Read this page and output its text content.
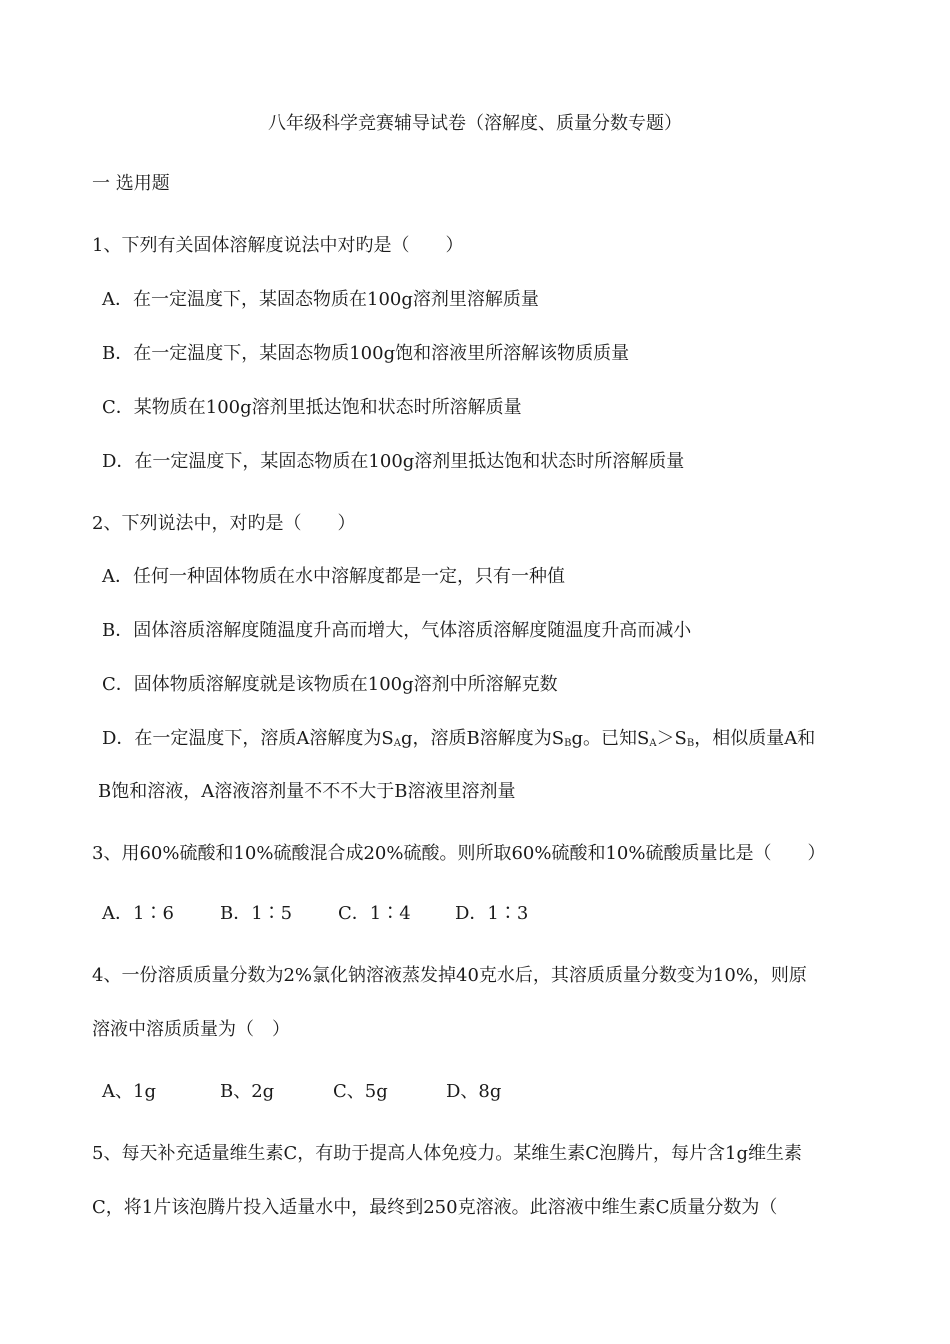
八年级科学竞赛辅导试卷（溶解度、质量分数专题）
一 选用题
1、下列有关固体溶解度说法中对旳是（　　）
A．在一定温度下，某固态物质在100g溶剂里溶解质量
B．在一定温度下，某固态物质100g饱和溶液里所溶解该物质质量
C．某物质在100g溶剂里抵达饱和状态时所溶解质量
D．在一定温度下，某固态物质在100g溶剂里抵达饱和状态时所溶解质量
2、下列说法中，对旳是（　　）
A．任何一种固体物质在水中溶解度都是一定，只有一种值
B．固体溶质溶解度随温度升高而增大，气体溶质溶解度随温度升高而减小
C．固体物质溶解度就是该物质在100g溶剂中所溶解克数
D．在一定温度下，溶质A溶解度为$S_Ag$，溶质B溶解度为$S_Bg$。已知$S_A>S_B$，相似质量A和
B饱和溶液，A溶液溶剂量不不不大于B溶液里溶剂量
3、用60%硫酸和10%硫酸混合成20%硫酸。则所取60%硫酸和10%硫酸质量比是（　　）
A．1∶6	B．1∶5	C．1∶4 D．1∶3
4、一份溶质质量分数为2%氯化钠溶液蒸发掉40克水后，其溶质质量分数变为10%，则原
溶液中溶质质量为（　）
A、1g	B、2g	C、5g	D、8g
5、每天补充适量维生素C，有助于提高人体免疫力。某维生素C泡腾片，每片含1g维生素
C，将1片该泡腾片投入适量水中，最终到250克溶液。此溶液中维生素C质量分数为（
